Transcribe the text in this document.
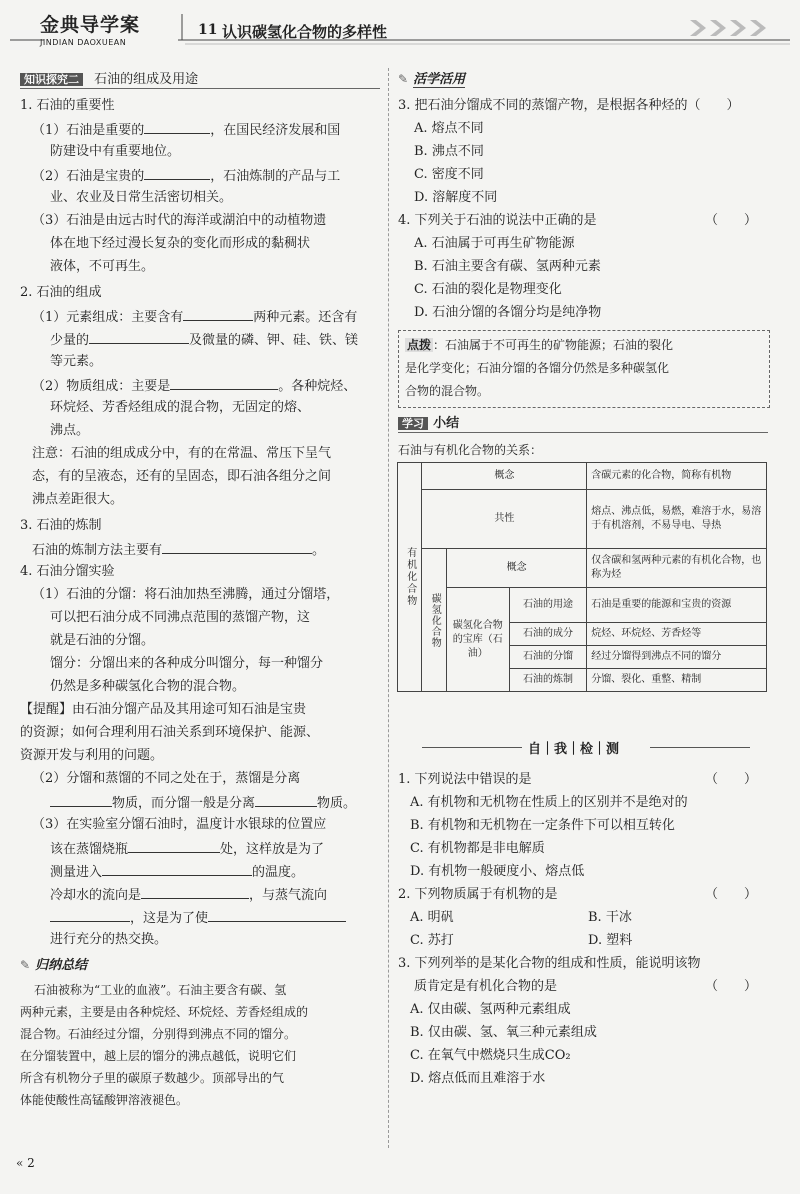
金典导学案
JINDIAN DAOXUEAN
11 认识碳氢化合物的多样性
知识探究二 石油的组成及用途
1. 石油的重要性
（1）石油是重要的	，在国民经济发展和国
防建设中有重要地位。
（2）石油是宝贵的	，石油炼制的产品与工
业、农业及日常生活密切相关。
（3）石油是由远古时代的海洋或湖泊中的动植物遗
体在地下经过漫长复杂的变化而形成的黏稠状
液体，不可再生。
2. 石油的组成
（1）元素组成：主要含有	两种元素。还含有
少量的	及微量的磷、钾、硅、铁、镁
等元素。
（2）物质组成：主要是	。各种烷烃、
环烷烃、芳香烃组成的混合物，无固定的熔、
沸点。
注意：石油的组成成分中，有的在常温、常压下呈气
态，有的呈液态，还有的呈固态，即石油各组分之间
沸点差距很大。
3. 石油的炼制
石油的炼制方法主要有	。
4. 石油分馏实验
（1）石油的分馏：将石油加热至沸腾，通过分馏塔，
可以把石油分成不同沸点范围的蒸馏产物，这
就是石油的分馏。
馏分：分馏出来的各种成分叫馏分，每一种馏分
仍然是多种碳氢化合物的混合物。
【提醒】由石油分馏产品及其用途可知石油是宝贵
的资源；如何合理利用石油关系到环境保护、能源、
资源开发与利用的问题。
（2）分馏和蒸馏的不同之处在于，蒸馏是分离
物质，而分馏一般是分离	物质。
（3）在实验室分馏石油时，温度计水银球的位置应
该在蒸馏烧瓶	处，这样放是为了
测量进入	的温度。
冷却水的流向是	，与蒸气流向
，这是为了使
进行充分的热交换。
✎ 归纳总结
石油被称为“工业的血液”。石油主要含有碳、氢
两种元素，主要是由各种烷烃、环烷烃、芳香烃组成的
混合物。石油经过分馏，分别得到沸点不同的馏分。
在分馏装置中，越上层的馏分的沸点越低，说明它们
所含有机物分子里的碳原子数越少。顶部导出的气
体能使酸性高锰酸钾溶液褪色。
« 2
✎ 活学活用
3. 把石油分馏成不同的蒸馏产物，是根据各种烃的（　　）
A. 熔点不同
B. 沸点不同
C. 密度不同
D. 溶解度不同
4. 下列关于石油的说法中正确的是	（　　）
A. 石油属于可再生矿物能源
B. 石油主要含有碳、氢两种元素
C. 石油的裂化是物理变化
D. 石油分馏的各馏分均是纯净物
点拨 ：石油属于不可再生的矿物能源；石油的裂化
是化学变化；石油分馏的各馏分仍然是多种碳氢化
合物的混合物。
学习 小结
石油与有机化合物的关系：
有机化合物	概念			含碳元素的化合物，简称有机物
	共性			熔点、沸点低，易燃，难溶于水，易溶于有机溶剂，不易导电、导热
	碳氢化合物	概念		仅含碳和氢两种元素的有机化合物，也称为烃
		碳氢化合物的宝库（石油）	石油的用途	石油是重要的能源和宝贵的资源
			石油的成分	烷烃、环烷烃、芳香烃等
			石油的分馏	经过分馏得到沸点不同的馏分
			石油的炼制	分馏、裂化、重整、精制
自｜我｜检｜测
1. 下列说法中错误的是	（　　）
A. 有机物和无机物在性质上的区别并不是绝对的
B. 有机物和无机物在一定条件下可以相互转化
C. 有机物都是非电解质
D. 有机物一般硬度小、熔点低
2. 下列物质属于有机物的是	（　　）
A. 明矾	B. 干冰
C. 苏打	D. 塑料
3. 下列列举的是某化合物的组成和性质，能说明该物
质肯定是有机化合物的是	（　　）
A. 仅由碳、氢两种元素组成
B. 仅由碳、氢、氧三种元素组成
C. 在氧气中燃烧只生成CO₂
D. 熔点低而且难溶于水
